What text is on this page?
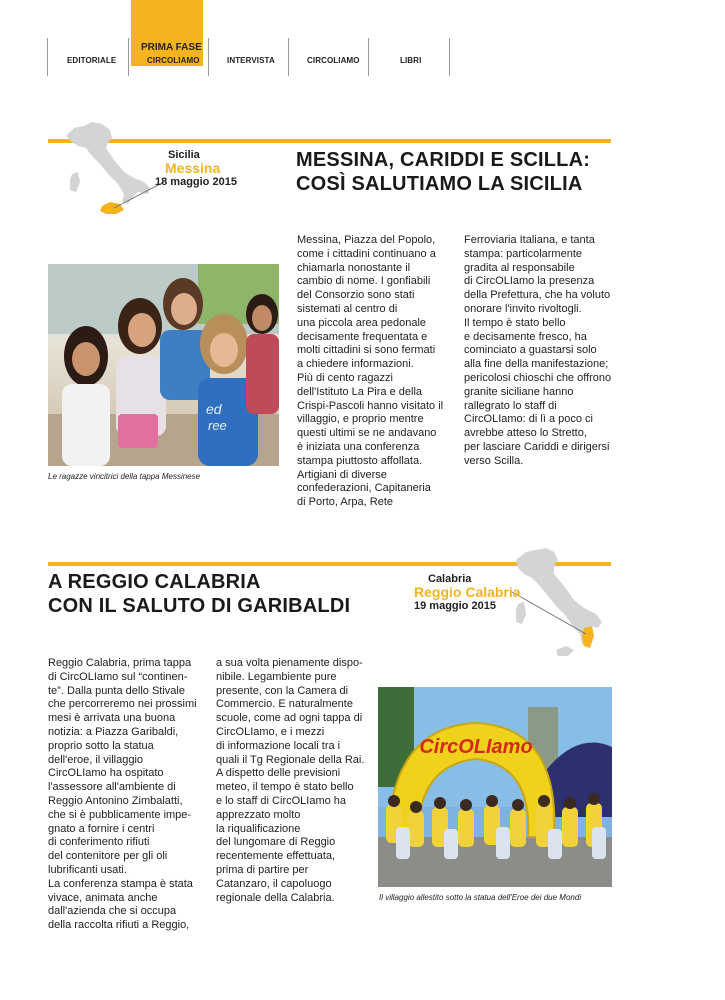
PRIMA FASE
EDITORIALE	CIRCOLIAMO	INTERVISTA	CIRCOLIAMO	LIBRI
Sicilia
Messina
18 maggio 2015
MESSINA, CARIDDI E SCILLA:
COSÌ SALUTIAMO LA SICILIA
ed
ree
Le ragazze vincitrici della tappa Messinese

Messina, Piazza del Popolo,

come i cittadini continuano a

chiamarla nonostante il

cambio di nome. I gonfiabili

del Consorzio sono stati

sistemati al centro di

una piccola area pedonale

decisamente frequentata e

molti cittadini si sono fermati

a chiedere informazioni.

Più di cento ragazzi

dell'Istituto La Pira e della

Crispi-Pascoli hanno visitato il

villaggio, e proprio mentre

questi ultimi se ne andavano

è iniziata una conferenza

stampa piuttosto affollata.

Artigiani di diverse

confederazioni, Capitaneria

di Porto, Arpa, Rete

Ferroviaria Italiana, e tanta

stampa: particolarmente

gradita al responsabile

di CircOLIamo la presenza

della Prefettura, che ha voluto

onorare l'invito rivoltogli.

Il tempo è stato bello

e decisamente fresco, ha

cominciato a guastarsi solo

alla fine della manifestazione;

pericolosi chioschi che offrono

granite siciliane hanno

rallegrato lo staff di

CircOLIamo: di lì a poco ci

avrebbe atteso lo Stretto,

per lasciare Cariddi e dirigersi

verso Scilla.

A REGGIO CALABRIA
CON IL SALUTO DI GARIBALDI
Calabria
Reggio Calabria
19 maggio 2015

Reggio Calabria, prima tappa

di CircOLIamo sul “continen-

te”. Dalla punta dello Stivale

che percorreremo nei prossimi

mesi è arrivata una buona

notizia: a Piazza Garibaldi,

proprio sotto la statua

dell'eroe, il villaggio

CircOLIamo ha ospitato

l'assessore all'ambiente di

Reggio Antonino Zimbalatti,

che si è pubblicamente impe-

gnato a fornire i centri

di conferimento rifiuti

del contenitore per gli oli

lubrificanti usati.

La conferenza stampa è stata

vivace, animata anche

dall'azienda che si occupa

della raccolta rifiuti a Reggio,

a sua volta pienamente dispo-

nibile. Legambiente pure

presente, con la Camera di

Commercio. E naturalmente

scuole, come ad ogni tappa di

CircOLIamo, e i mezzi

di informazione locali tra i

quali il Tg Regionale della Rai.

A dispetto delle previsioni

meteo, il tempo è stato bello

e lo staff di CircOLIamo ha

apprezzato molto

la riqualificazione

del lungomare di Reggio

recentemente effettuata,

prima di partire per

Catanzaro, il capoluogo

regionale della Calabria.

CircOLIamo
Il villaggio allestito sotto la statua dell'Eroe dei due Mondi
